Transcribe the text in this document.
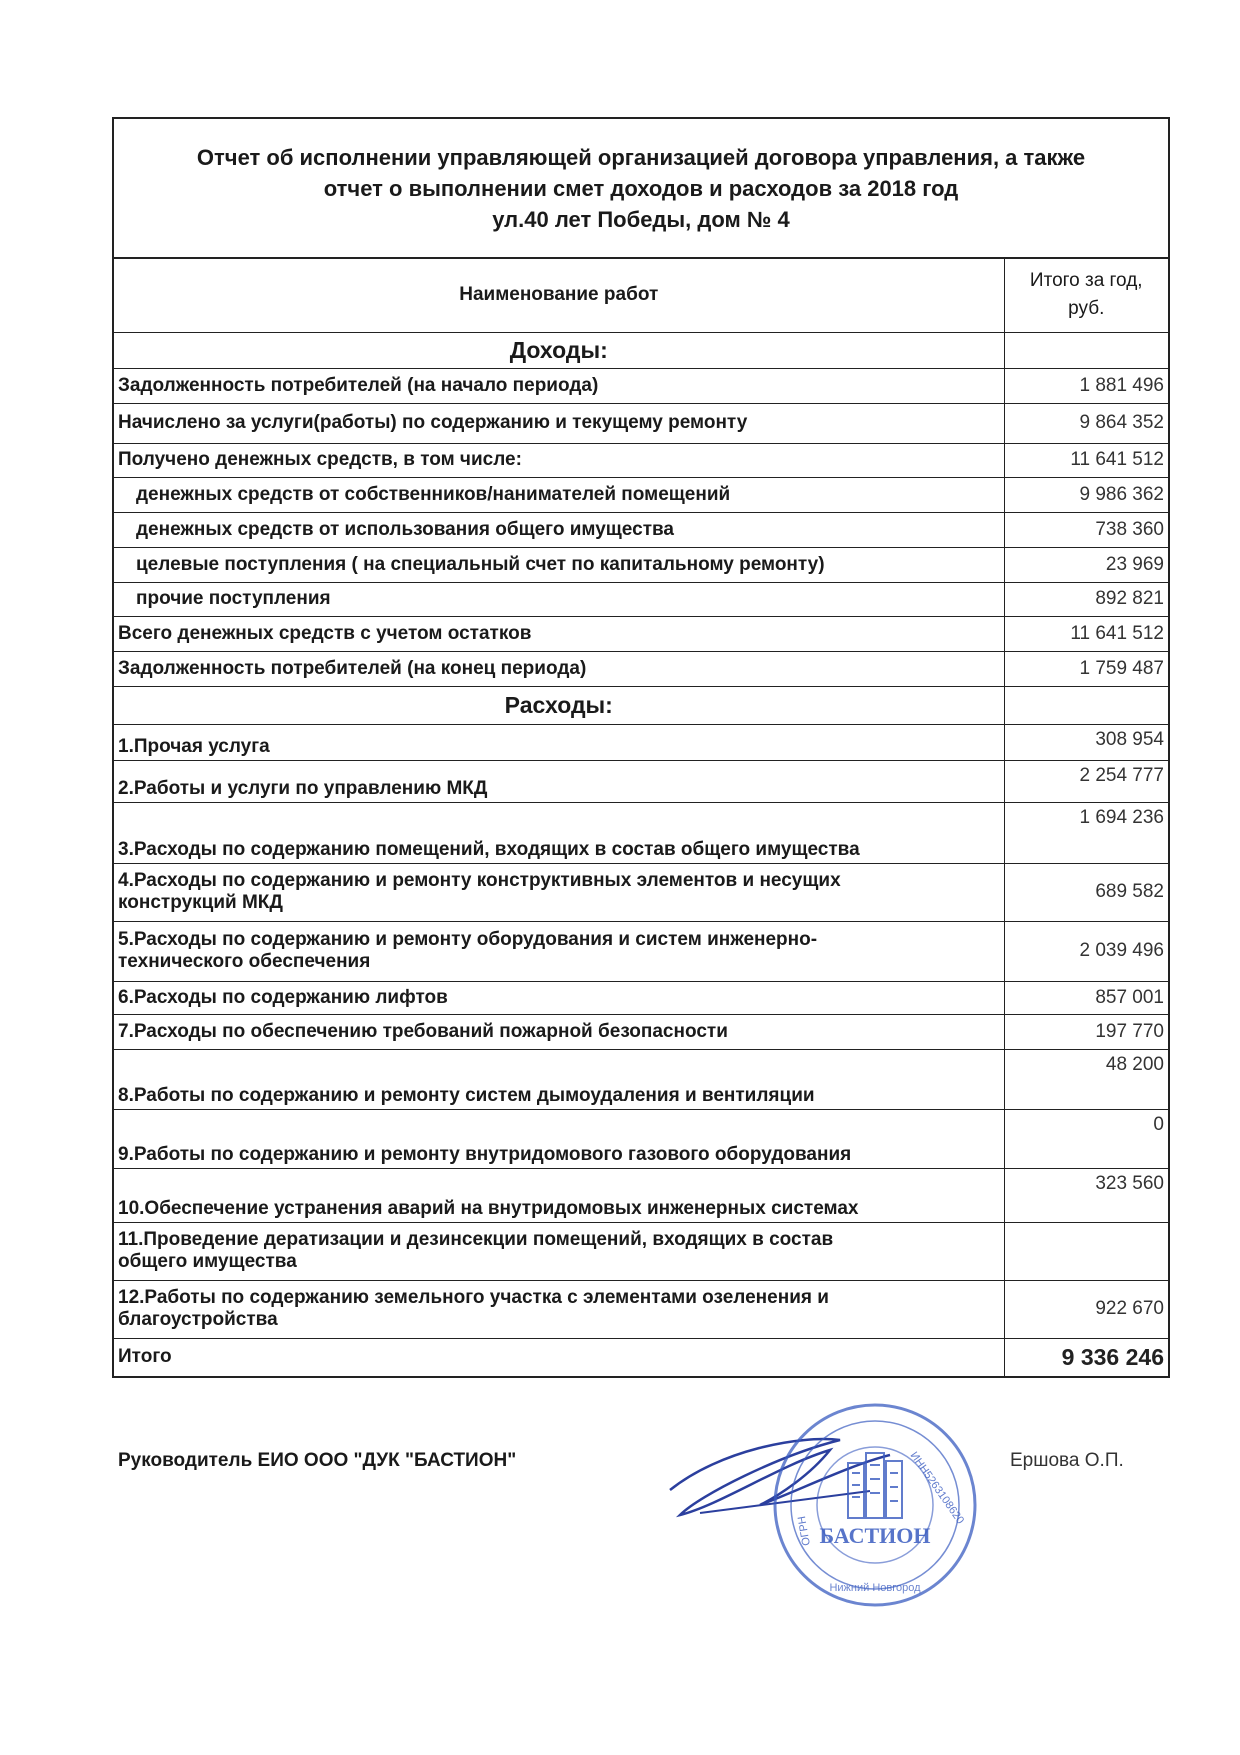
Отчет об исполнении управляющей организацией договора управления, а также
отчет о выполнении смет доходов и расходов за 2018 год
ул.40 лет Победы, дом № 4
Наименование работ	Итого за год,
руб.

Доходы:	
Задолженность потребителей (на начало периода)	1 881 496
Начислено за услуги(работы) по содержанию и текущему ремонту	9 864 352
Получено денежных средств, в том числе:	11 641 512
денежных средств от собственников/нанимателей помещений	9 986 362
денежных средств от использования общего имущества	738 360
целевые поступления ( на специальный счет по капитальному ремонту)	23 969
прочие поступления	892 821
Всего денежных средств с учетом остатков	11 641 512
Задолженность потребителей (на конец периода)	1 759 487
Расходы:	
1.Прочая услуга	308 954
2.Работы и услуги по управлению МКД	2 254 777
3.Расходы по содержанию помещений, входящих в состав общего имущества	1 694 236

4.Расходы по содержанию и ремонту конструктивных элементов и несущих
конструкций МКД	689 582

5.Расходы по содержанию и ремонту оборудования и систем инженерно-
технического обеспечения	2 039 496
6.Расходы по содержанию лифтов	857 001
7.Расходы по обеспечению требований пожарной безопасности	197 770
8.Работы по содержанию и ремонту систем дымоудаления и вентиляции	48 200
9.Работы по содержанию и ремонту внутридомового газового оборудования	0
10.Обеспечение устранения аварий на внутридомовых инженерных системах	323 560

11.Проведение дератизации и дезинсекции помещений, входящих в состав
общего имущества	

12.Работы по содержанию земельного участка с элементами озеленения и
благоустройства	922 670
Итого	9 336 246
Руководитель ЕИО ООО "ДУК "БАСТИОН"	Ершова О.П.
БАСТИОН
ИНН5263108620
ОГРН
Нижний Новгород
